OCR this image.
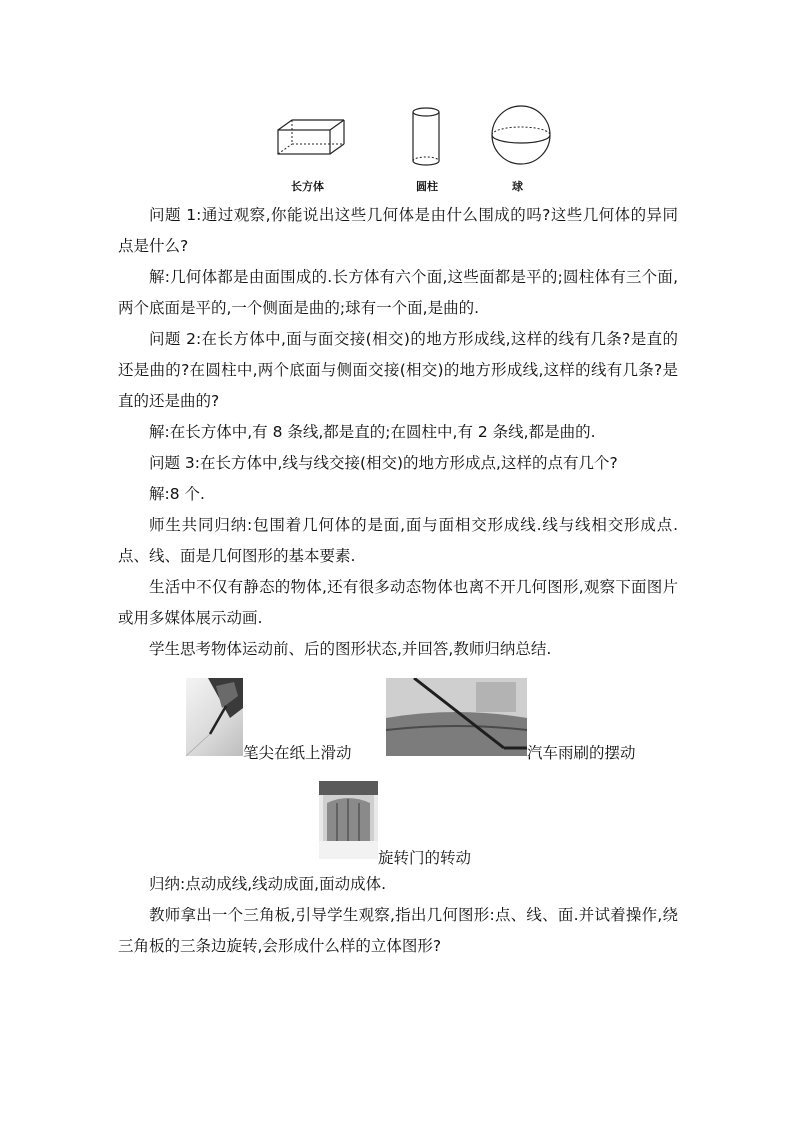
长方体	圆柱	球

问题 1:通过观察,你能说出这些几何体是由什么围成的吗?这些几何体的异同点是什么?

解:几何体都是由面围成的.长方体有六个面,这些面都是平的;圆柱体有三个面,两个底面是平的,一个侧面是曲的;球有一个面,是曲的.

问题 2:在长方体中,面与面交接(相交)的地方形成线,这样的线有几条?是直的还是曲的?在圆柱中,两个底面与侧面交接(相交)的地方形成线,这样的线有几条?是直的还是曲的?

解:在长方体中,有 8 条线,都是直的;在圆柱中,有 2 条线,都是曲的.

问题 3:在长方体中,线与线交接(相交)的地方形成点,这样的点有几个?

解:8 个.

师生共同归纳:包围着几何体的是面,面与面相交形成线.线与线相交形成点.点、线、面是几何图形的基本要素.

生活中不仅有静态的物体,还有很多动态物体也离不开几何图形,观察下面图片或用多媒体展示动画.

学生思考物体运动前、后的图形状态,并回答,教师归纳总结.

笔尖在纸上滑动	汽车雨刷的摆动
旋转门的转动

归纳:点动成线,线动成面,面动成体.

教师拿出一个三角板,引导学生观察,指出几何图形:点、线、面.并试着操作,绕三角板的三条边旋转,会形成什么样的立体图形?
